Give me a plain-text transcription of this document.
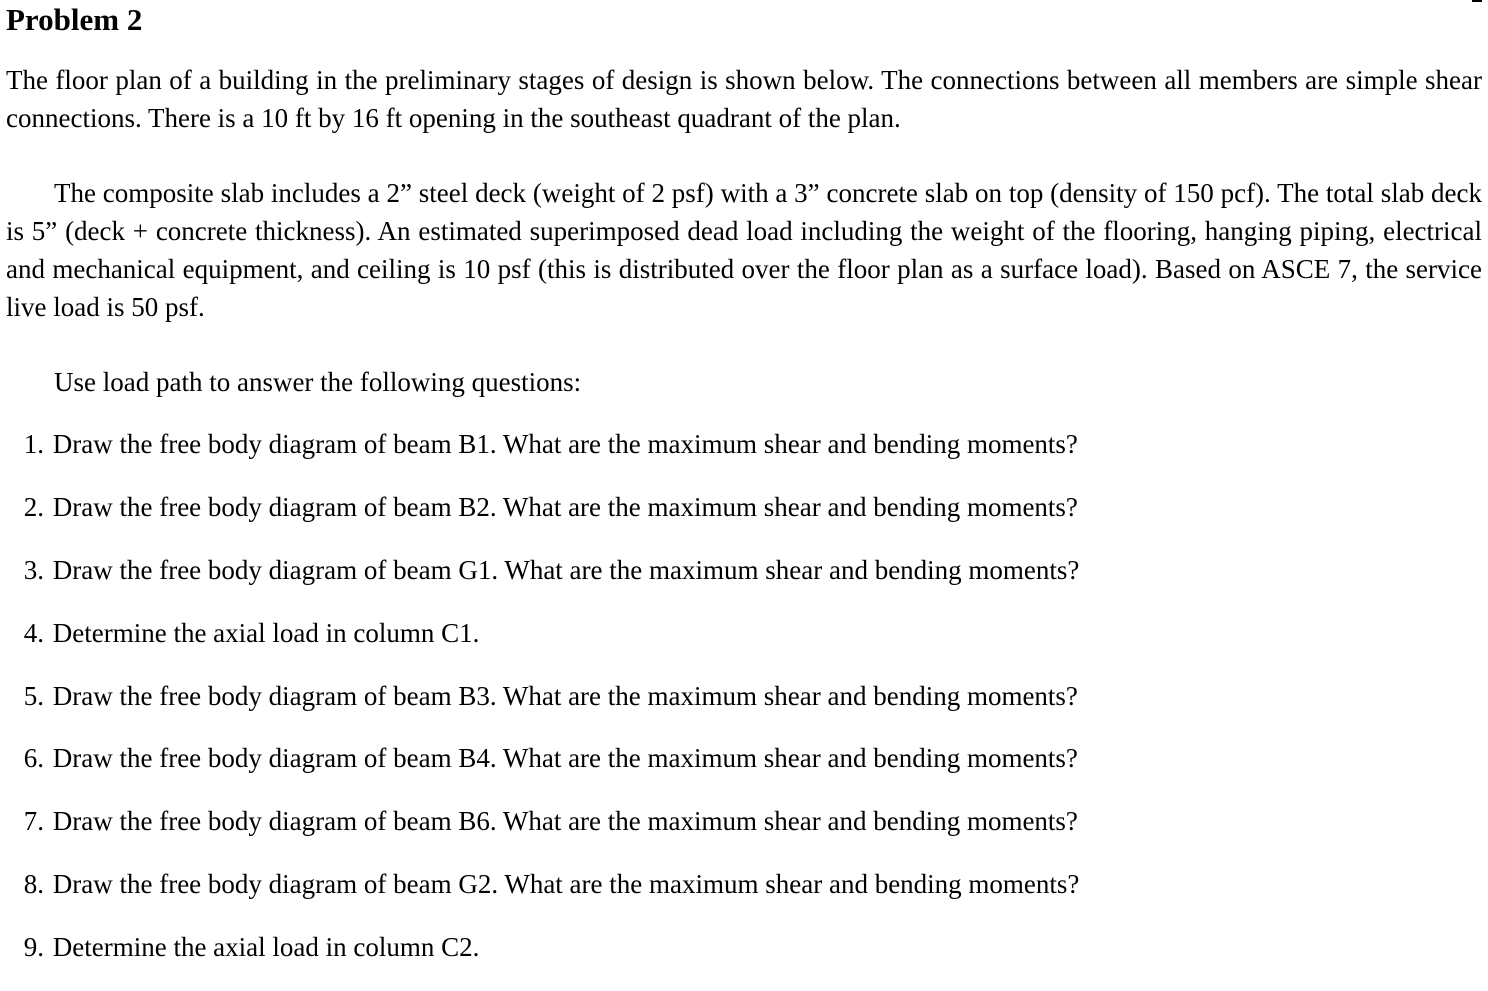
Problem 2

The floor plan of a building in the preliminary stages of design is shown below. The connections between all members are simple shear connections. There is a 10 ft by 16 ft opening in the southeast quadrant of the plan.

The composite slab includes a 2” steel deck (weight of 2 psf) with a 3” concrete slab on top (density of 150 pcf). The total slab deck is 5” (deck + concrete thickness). An estimated superimposed dead load including the weight of the flooring, hanging piping, electrical and mechanical equipment, and ceiling is 10 psf (this is distributed over the floor plan as a surface load). Based on ASCE 7, the service live load is 50 psf.

Use load path to answer the following questions:

1. Draw the free body diagram of beam B1. What are the maximum shear and bending moments?
2. Draw the free body diagram of beam B2. What are the maximum shear and bending moments?
3. Draw the free body diagram of beam G1. What are the maximum shear and bending moments?
4. Determine the axial load in column C1.
5. Draw the free body diagram of beam B3. What are the maximum shear and bending moments?
6. Draw the free body diagram of beam B4. What are the maximum shear and bending moments?
7. Draw the free body diagram of beam B6. What are the maximum shear and bending moments?
8. Draw the free body diagram of beam G2. What are the maximum shear and bending moments?
9. Determine the axial load in column C2.
